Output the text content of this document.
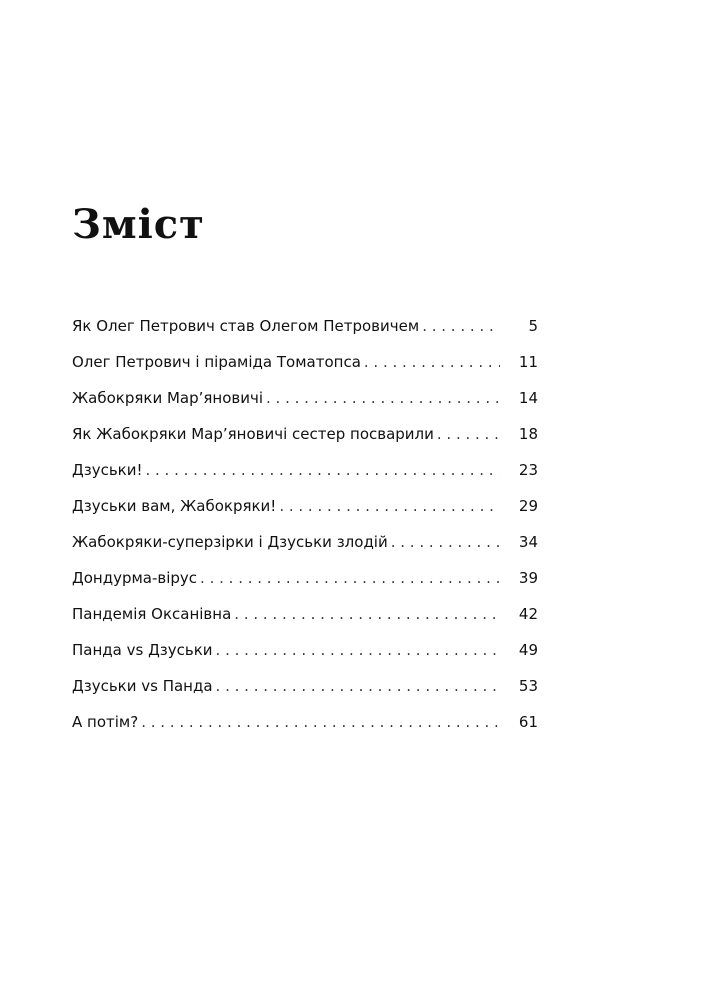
Зміст
Як Олег Петрович став Олегом Петровичем . . .	5
Олег Петрович і піраміда Томатопса . . .	11
Жабокряки Мар’яновичі . . .	14
Як Жабокряки Мар’яновичі сестер посварили . . .	18
Дзуськи! . . .	23
Дзуськи вам, Жабокряки! . . .	29
Жабокряки-суперзірки і Дзуськи злодій . . .	34
Дондурма-вірус . . .	39
Пандемія Оксанівна . . .	42
Панда vs Дзуськи . . .	49
Дзуськи vs Панда . . .	53
А потім? . . .	61
